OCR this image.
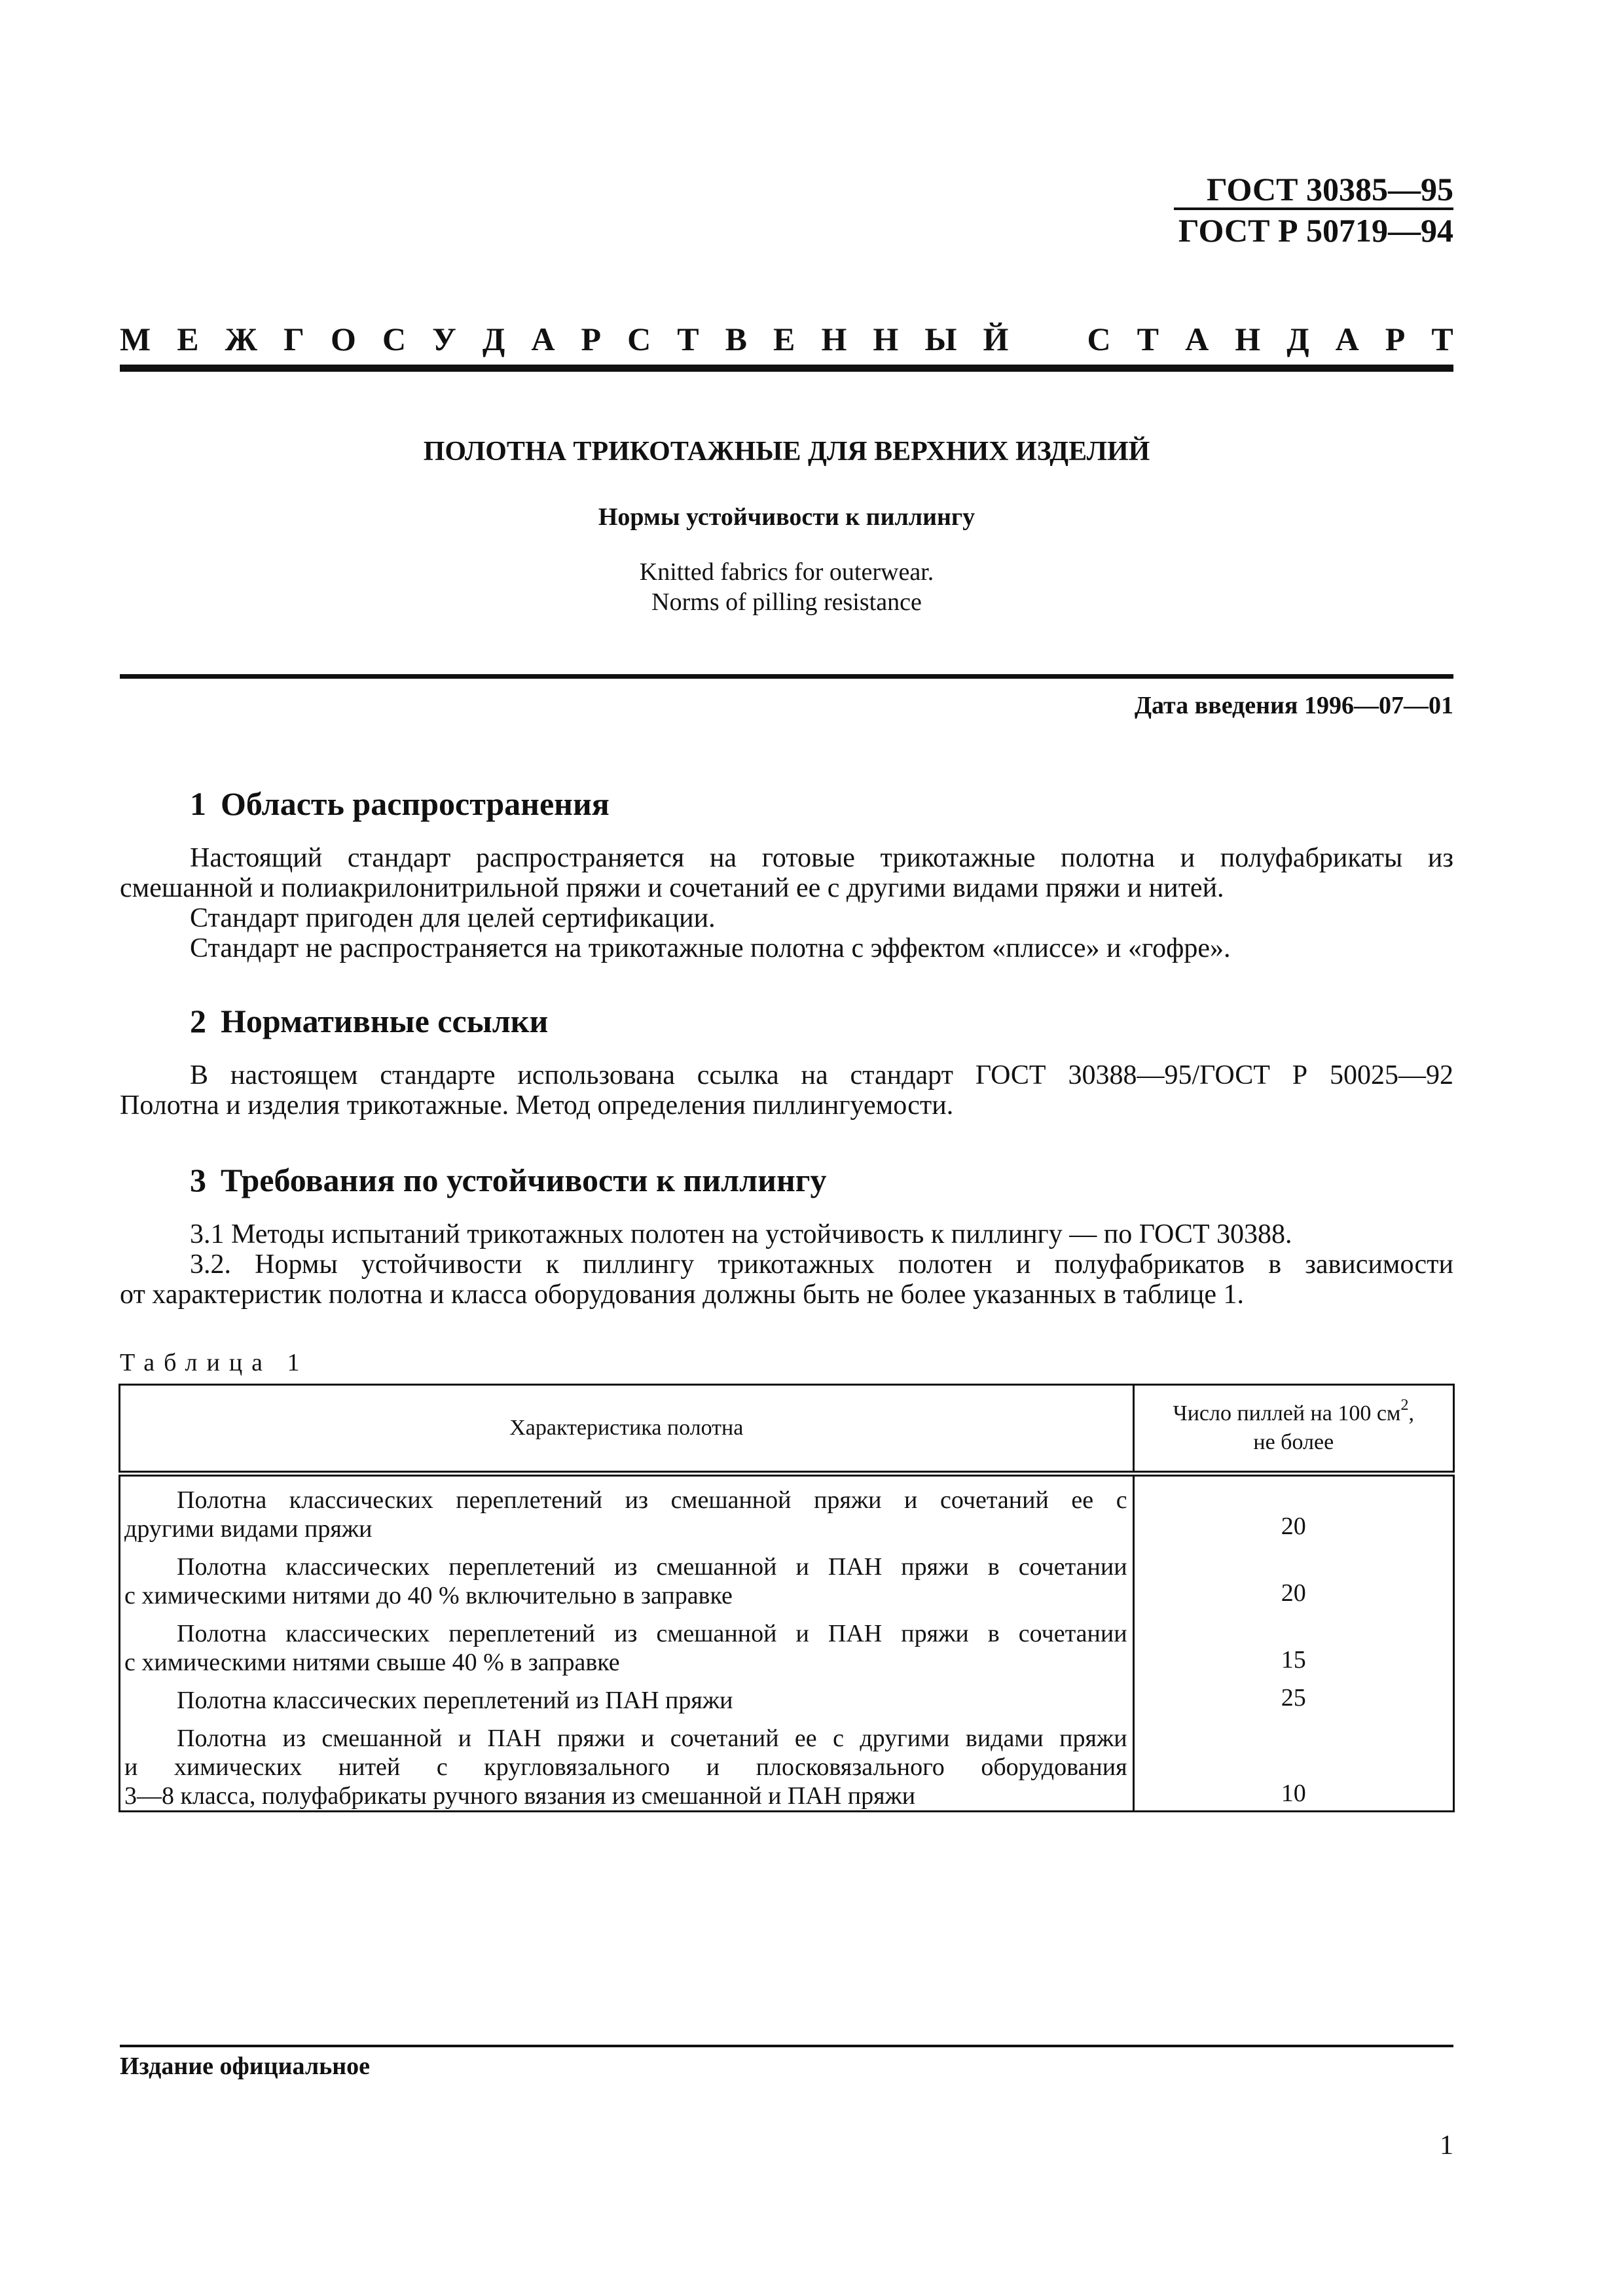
ГОСТ 30385—95
ГОСТ Р 50719—94
М Е Ж Г О С У Д А Р С Т В Е Н Н Ы Й С Т А Н Д А Р Т
ПОЛОТНА ТРИКОТАЖНЫЕ ДЛЯ ВЕРХНИХ ИЗДЕЛИЙ
Нормы устойчивости к пиллингу
Knitted fabrics for outerwear.
Norms of pilling resistance
Дата введения 1996—07—01
1 Область распространения
Настоящий стандарт распространяется на готовые трикотажные полотна и полуфабрикаты из
смешанной и полиакрилонитрильной пряжи и сочетаний ее с другими видами пряжи и нитей.
Стандарт пригоден для целей сертификации.
Стандарт не распространяется на трикотажные полотна с эффектом «плиссе» и «гофре».
2 Нормативные ссылки
В настоящем стандарте использована ссылка на стандарт ГОСТ 30388—95/ГОСТ Р 50025—92
Полотна и изделия трикотажные. Метод определения пиллингуемости.
3 Требования по устойчивости к пиллингу
3.1 Методы испытаний трикотажных полотен на устойчивость к пиллингу — по ГОСТ 30388.
3.2. Нормы устойчивости к пиллингу трикотажных полотен и полуфабрикатов в зависимости
от характеристик полотна и класса оборудования должны быть не более указанных в таблице 1.
Таблица 1
Характеристика полотна	Число пиллей на 100 $см^2$,
не более

Полотна классических переплетений из смешанной пряжи и сочетаний ее с
другими видами пряжи	20

Полотна классических переплетений из смешанной и ПАН пряжи в сочетании
с химическими нитями до 40 % включительно в заправке	20

Полотна классических переплетений из смешанной и ПАН пряжи в сочетании
с химическими нитями свыше 40 % в заправке	15

Полотна классических переплетений из ПАН пряжи	25

Полотна из смешанной и ПАН пряжи и сочетаний ее с другими видами пряжи
и химических нитей с кругловязального и плосковязального оборудования
3—8 класса, полуфабрикаты ручного вязания из смешанной и ПАН пряжи	10
Издание официальное
1
